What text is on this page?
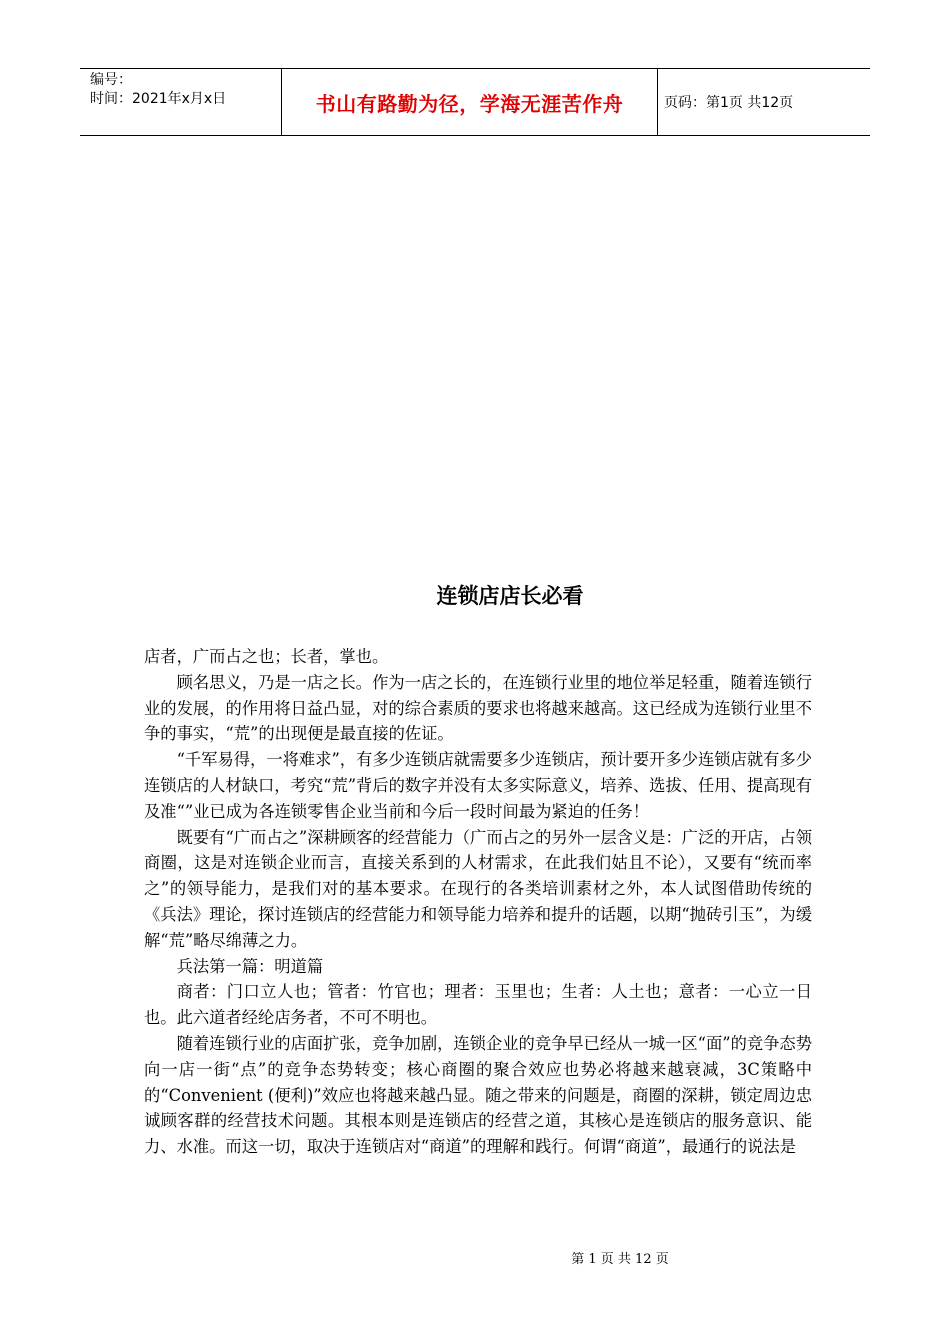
编号：
时间：2021年x月x日	书山有路勤为径，学海无涯苦作舟	页码：第1页 共12页
连锁店店长必看

店者，广而占之也；长者，掌也。

顾名思义，乃是一店之长。作为一店之长的，在连锁行业里的地位举足轻重，随着连锁行业的发展，的作用将日益凸显，对的综合素质的要求也将越来越高。这已经成为连锁行业里不争的事实，“荒”的出现便是最直接的佐证。

“千军易得，一将难求”，有多少连锁店就需要多少连锁店，预计要开多少连锁店就有多少连锁店的人材缺口，考究“荒”背后的数字并没有太多实际意义，培养、选拔、任用、提高现有及准“”业已成为各连锁零售企业当前和今后一段时间最为紧迫的任务！

既要有“广而占之”深耕顾客的经营能力（广而占之的另外一层含义是：广泛的开店，占领商圈，这是对连锁企业而言，直接关系到的人材需求，在此我们姑且不论），又要有“统而率之”的领导能力，是我们对的基本要求。在现行的各类培训素材之外，本人试图借助传统的《兵法》理论，探讨连锁店的经营能力和领导能力培养和提升的话题，以期“抛砖引玉”，为缓解“荒”略尽绵薄之力。

兵法第一篇：明道篇

商者：门口立人也；管者：竹官也；理者：玉里也；生者：人土也；意者：一心立一日也。此六道者经纶店务者，不可不明也。

随着连锁行业的店面扩张，竞争加剧，连锁企业的竞争早已经从一城一区“面”的竞争态势向一店一街“点”的竞争态势转变；核心商圈的聚合效应也势必将越来越衰减，3C策略中的“Convenient (便利)”效应也将越来越凸显。随之带来的问题是，商圈的深耕，锁定周边忠诚顾客群的经营技术问题。其根本则是连锁店的经营之道，其核心是连锁店的服务意识、能力、水准。而这一切，取决于连锁店对“商道”的理解和践行。何谓“商道”，最通行的说法是

第 1 页 共 12 页
